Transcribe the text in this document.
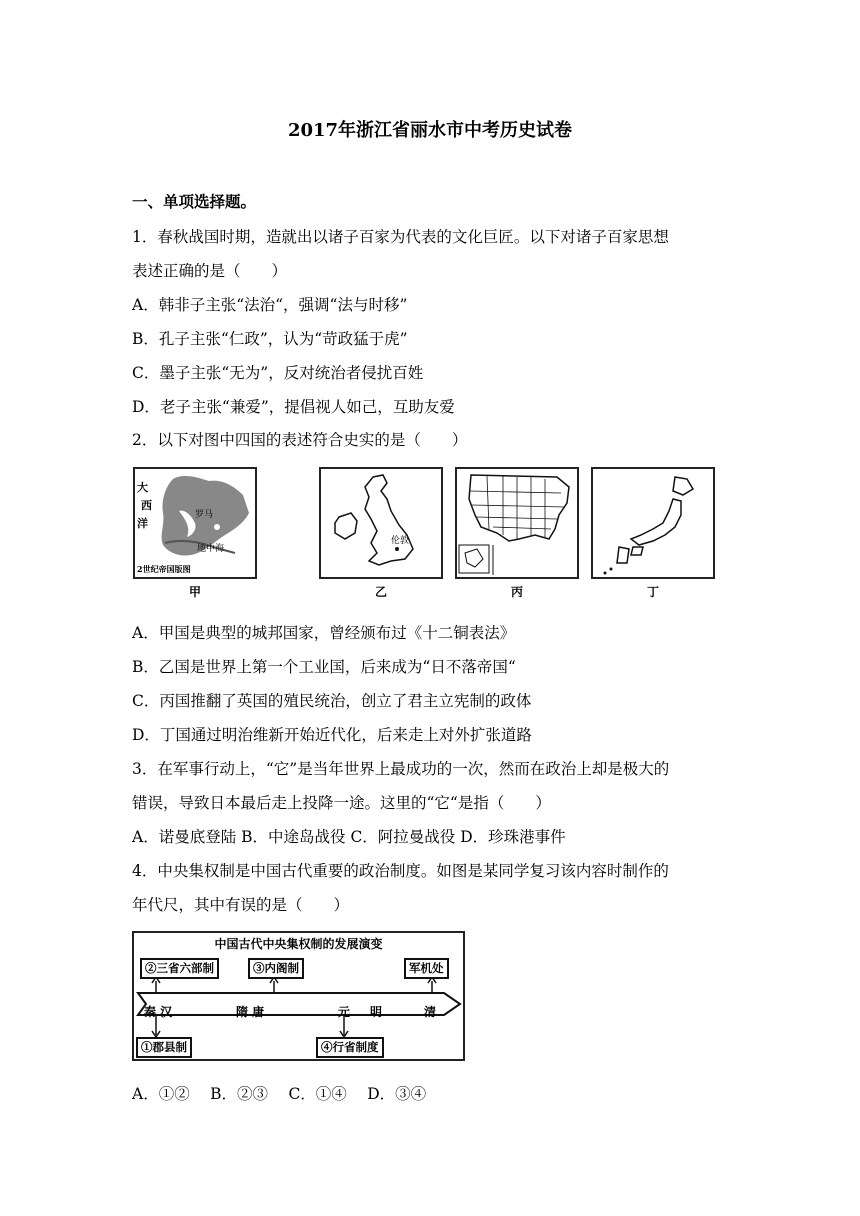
2017年浙江省丽水市中考历史试卷
一、单项选择题。
1．春秋战国时期，造就出以诸子百家为代表的文化巨匠。以下对诸子百家思想
表述正确的是（　　）
A．韩非子主张“法治“，强调“法与时移”
B．孔子主张“仁政”，认为“苛政猛于虎”
C．墨子主张“无为”，反对统治者侵扰百姓
D．老子主张“兼爱”，提倡视人如己，互助友爱
2．以下对图中四国的表述符合史实的是（　　）
大
西
洋
罗马
地中海
2世纪帝国版图
甲
伦敦
乙	丙	丁
A．甲国是典型的城邦国家，曾经颁布过《十二铜表法》
B．乙国是世界上第一个工业国，后来成为“日不落帝国“
C．丙国推翻了英国的殖民统治，创立了君主立宪制的政体
D．丁国通过明治维新开始近代化，后来走上对外扩张道路
3．在军事行动上，“它”是当年世界上最成功的一次，然而在政治上却是极大的
错误，导致日本最后走上投降一途。这里的“它“是指（　　）
A．诺曼底登陆 B．中途岛战役 C．阿拉曼战役 D．珍珠港事件
4．中央集权制是中国古代重要的政治制度。如图是某同学复习该内容时制作的
年代尺，其中有误的是（　　）
中国古代中央集权制的发展演变
②三省六部制	③内阁制	军机处
秦 汉	隋 唐	元 明	清
①郡县制	④行省制度
A．①②　 B．②③　 C．①④　 D．③④
